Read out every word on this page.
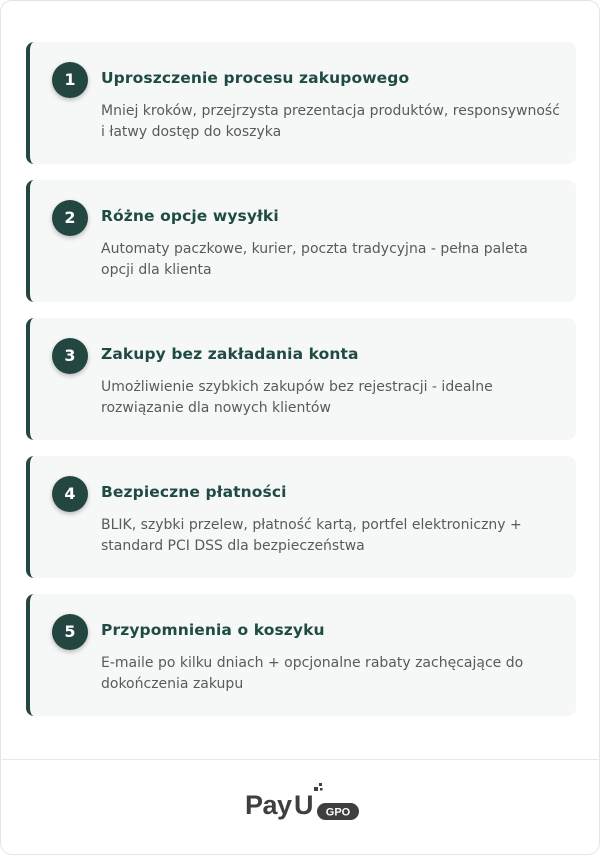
1	Uproszczenie procesu zakupowego
Mniej kroków, przejrzysta prezentacja produktów, responsywność i łatwy dostęp do koszyka
2	Różne opcje wysyłki
Automaty paczkowe, kurier, poczta tradycyjna - pełna paleta opcji dla klienta
3	Zakupy bez zakładania konta
Umożliwienie szybkich zakupów bez rejestracji - idealne rozwiązanie dla nowych klientów
4	Bezpieczne płatności
BLIK, szybki przelew, płatność kartą, portfel elektroniczny + standard PCI DSS dla bezpieczeństwa
5	Przypomnienia o koszyku
E-maile po kilku dniach + opcjonalne rabaty zachęcające do dokończenia zakupu
Pay U GPO
